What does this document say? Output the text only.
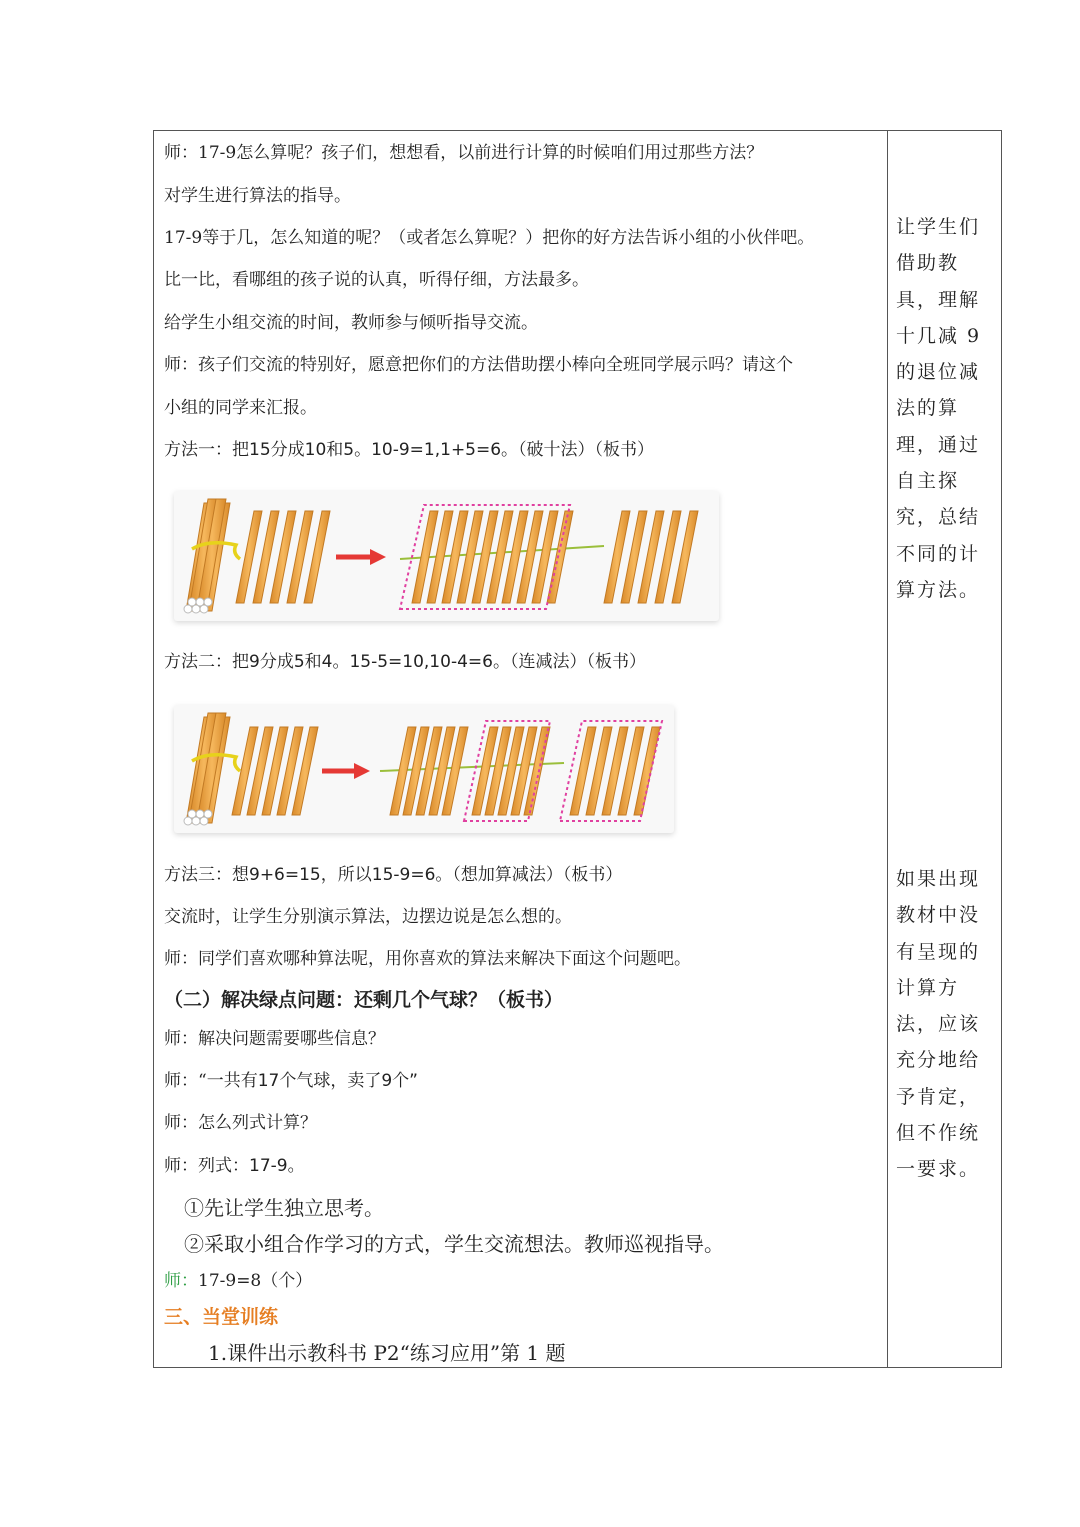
师：17-9怎么算呢？孩子们，想想看，以前进行计算的时候咱们用过那些方法？
对学生进行算法的指导。
17-9等于几，怎么知道的呢？（或者怎么算呢？）把你的好方法告诉小组的小伙伴吧。
比一比，看哪组的孩子说的认真，听得仔细，方法最多。
给学生小组交流的时间，教师参与倾听指导交流。
师：孩子们交流的特别好，愿意把你们的方法借助摆小棒向全班同学展示吗？请这个
小组的同学来汇报。
方法一：把15分成10和5。10-9=1,1+5=6。（破十法）（板书）
方法二：把9分成5和4。15-5=10,10-4=6。（连减法）（板书）
方法三：想9+6=15，所以15-9=6。（想加算减法）（板书）
交流时，让学生分别演示算法，边摆边说是怎么想的。
师：同学们喜欢哪种算法呢，用你喜欢的算法来解决下面这个问题吧。
（二）解决绿点问题：还剩几个气球？（板书）
师：解决问题需要哪些信息？
师：“一共有17个气球，卖了9个”
师：怎么列式计算？
师：列式：17-9。
①先让学生独立思考。
②采取小组合作学习的方式，学生交流想法。教师巡视指导。
师：17-9=8（个）
三、当堂训练
1.课件出示教科书 P2“练习应用”第 1 题
让学生们
借助教
具，理解
十几减 9
的退位减
法的算
理，通过
自主探
究，总结
不同的计
算方法。
如果出现
教材中没
有呈现的
计算方
法，应该
充分地给
予肯定，
但不作统
一要求。
